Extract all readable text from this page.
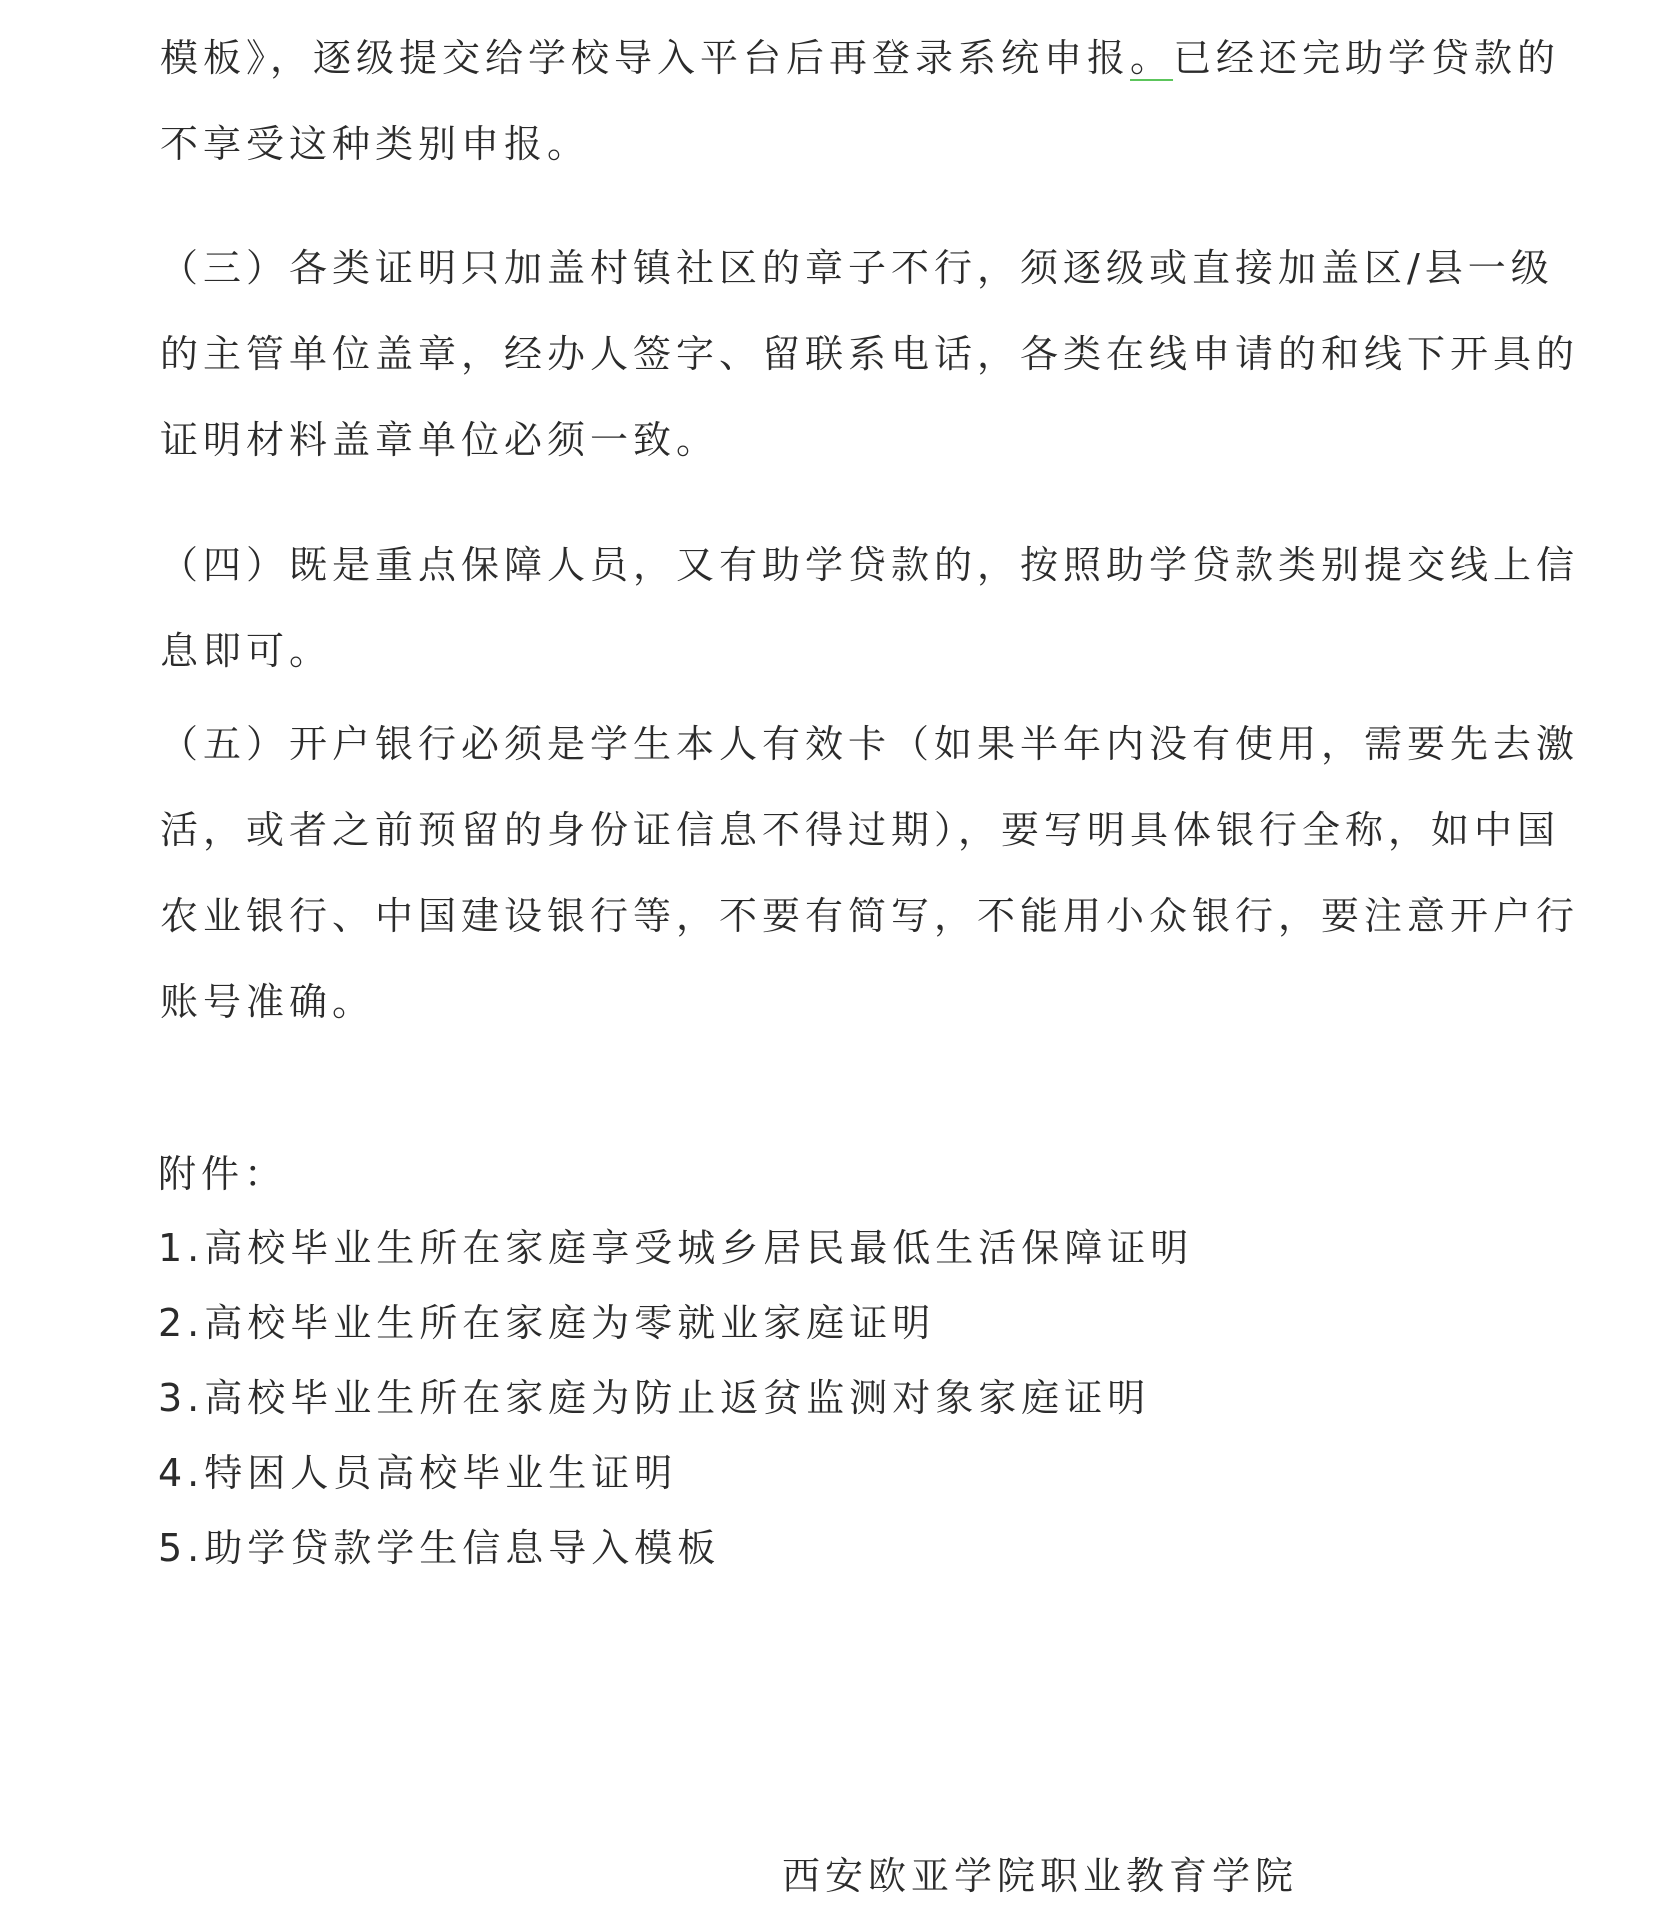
模板》，逐级提交给学校导入平台后再登录系统申报。已经还完助学贷款的
不享受这种类别申报。
（三）各类证明只加盖村镇社区的章子不行，须逐级或直接加盖区/县一级
的主管单位盖章，经办人签字、留联系电话，各类在线申请的和线下开具的
证明材料盖章单位必须一致。
（四）既是重点保障人员，又有助学贷款的，按照助学贷款类别提交线上信
息即可。
（五）开户银行必须是学生本人有效卡（如果半年内没有使用，需要先去激
活，或者之前预留的身份证信息不得过期），要写明具体银行全称，如中国
农业银行、中国建设银行等，不要有简写，不能用小众银行，要注意开户行
账号准确。
附件：
1.高校毕业生所在家庭享受城乡居民最低生活保障证明
2.高校毕业生所在家庭为零就业家庭证明
3.高校毕业生所在家庭为防止返贫监测对象家庭证明
4.特困人员高校毕业生证明
5.助学贷款学生信息导入模板
西安欧亚学院职业教育学院
